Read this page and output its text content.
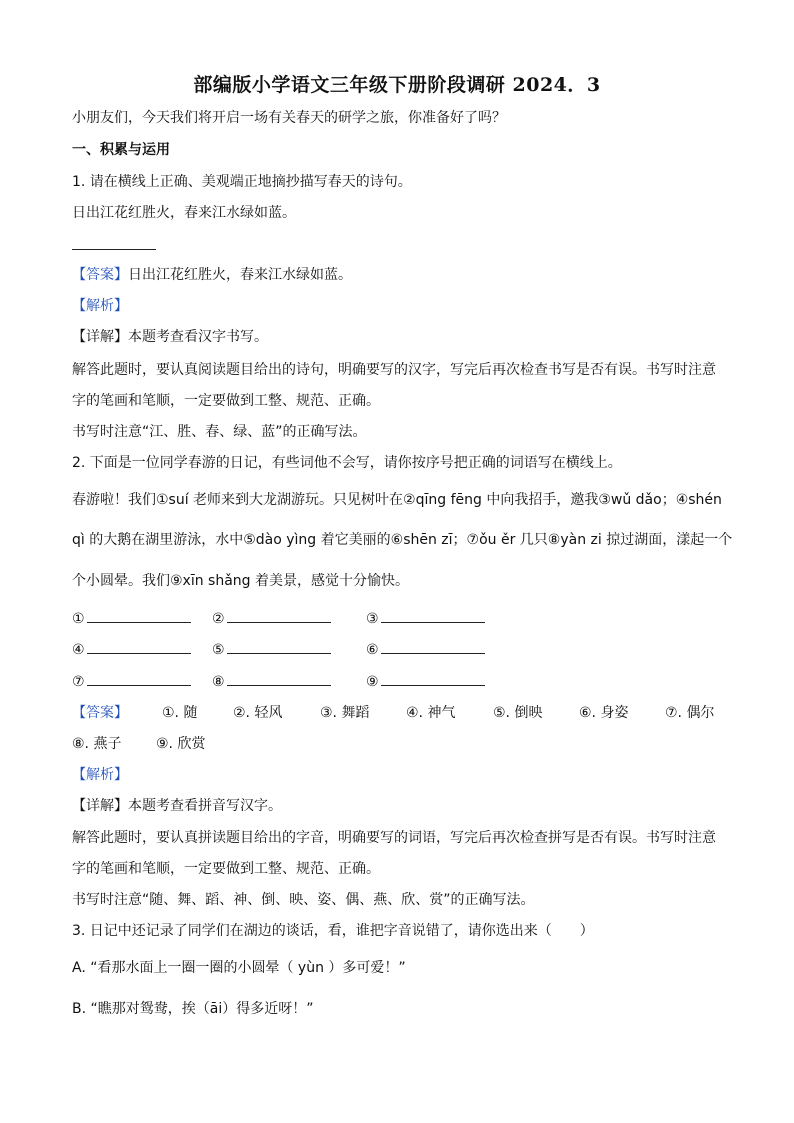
部编版小学语文三年级下册阶段调研 2024．3
小朋友们，今天我们将开启一场有关春天的研学之旅，你准备好了吗？
一、积累与运用
1. 请在横线上正确、美观端正地摘抄描写春天的诗句。
日出江花红胜火，春来江水绿如蓝。
【答案】日出江花红胜火，春来江水绿如蓝。
【解析】
【详解】本题考查看汉字书写。
解答此题时，要认真阅读题目给出的诗句，明确要写的汉字，写完后再次检查书写是否有误。书写时注意
字的笔画和笔顺，一定要做到工整、规范、正确。
书写时注意“江、胜、春、绿、蓝”的正确写法。
2. 下面是一位同学春游的日记，有些词他不会写，请你按序号把正确的词语写在横线上。
春游啦！我们①suí 老师来到大龙湖游玩。只见树叶在②qīng fēng 中向我招手，邀我③wǔ dǎo；④shén
qì 的大鹅在湖里游泳，水中⑤dào yìng 着它美丽的⑥shēn zī；⑦ǒu ěr 几只⑧yàn zi 掠过湖面，漾起一个
个小圆晕。我们⑨xīn shǎng 着美景，感觉十分愉快。
①	②	③
④	⑤	⑥
⑦	⑧	⑨
【答案】 ①. 随	②. 轻风	③. 舞蹈	④. 神气	⑤. 倒映	⑥. 身姿	⑦. 偶尔
⑧. 燕子 ⑨. 欣赏
【解析】
【详解】本题考查看拼音写汉字。
解答此题时，要认真拼读题目给出的字音，明确要写的词语，写完后再次检查拼写是否有误。书写时注意
字的笔画和笔顺，一定要做到工整、规范、正确。
书写时注意“随、舞、蹈、神、倒、映、姿、偶、燕、欣、赏”的正确写法。
3. 日记中还记录了同学们在湖边的谈话，看，谁把字音说错了，请你选出来（　　）
A. “看那水面上一圈一圈的小圆晕（ yùn ）多可爱！”
B. “瞧那对鸳鸯，挨（āi）得多近呀！”
